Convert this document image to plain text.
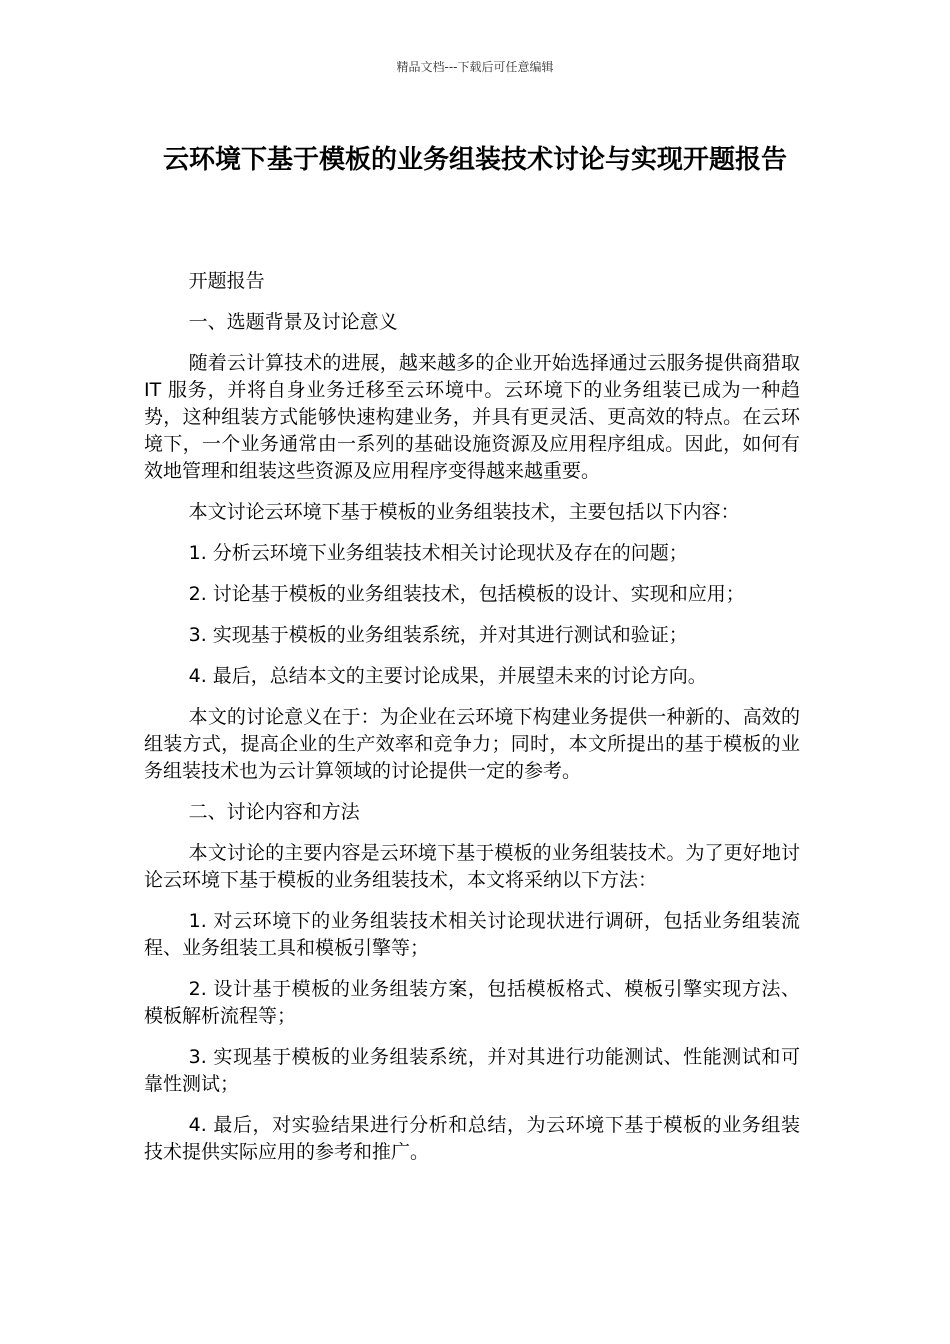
精品文档---下载后可任意编辑
云环境下基于模板的业务组装技术讨论与实现开题报告

开题报告

一、选题背景及讨论意义

随着云计算技术的进展，越来越多的企业开始选择通过云服务提供商猎取 IT 服务，并将自身业务迁移至云环境中。云环境下的业务组装已成为一种趋势，这种组装方式能够快速构建业务，并具有更灵活、更高效的特点。在云环境下，一个业务通常由一系列的基础设施资源及应用程序组成。因此，如何有效地管理和组装这些资源及应用程序变得越来越重要。

本文讨论云环境下基于模板的业务组装技术，主要包括以下内容：

1. 分析云环境下业务组装技术相关讨论现状及存在的问题；

2. 讨论基于模板的业务组装技术，包括模板的设计、实现和应用；

3. 实现基于模板的业务组装系统，并对其进行测试和验证；

4. 最后，总结本文的主要讨论成果，并展望未来的讨论方向。

本文的讨论意义在于：为企业在云环境下构建业务提供一种新的、高效的组装方式，提高企业的生产效率和竞争力；同时，本文所提出的基于模板的业务组装技术也为云计算领域的讨论提供一定的参考。

二、讨论内容和方法

本文讨论的主要内容是云环境下基于模板的业务组装技术。为了更好地讨论云环境下基于模板的业务组装技术，本文将采纳以下方法：

1. 对云环境下的业务组装技术相关讨论现状进行调研，包括业务组装流程、业务组装工具和模板引擎等；

2. 设计基于模板的业务组装方案，包括模板格式、模板引擎实现方法、模板解析流程等；

3. 实现基于模板的业务组装系统，并对其进行功能测试、性能测试和可靠性测试；

4. 最后，对实验结果进行分析和总结，为云环境下基于模板的业务组装技术提供实际应用的参考和推广。
